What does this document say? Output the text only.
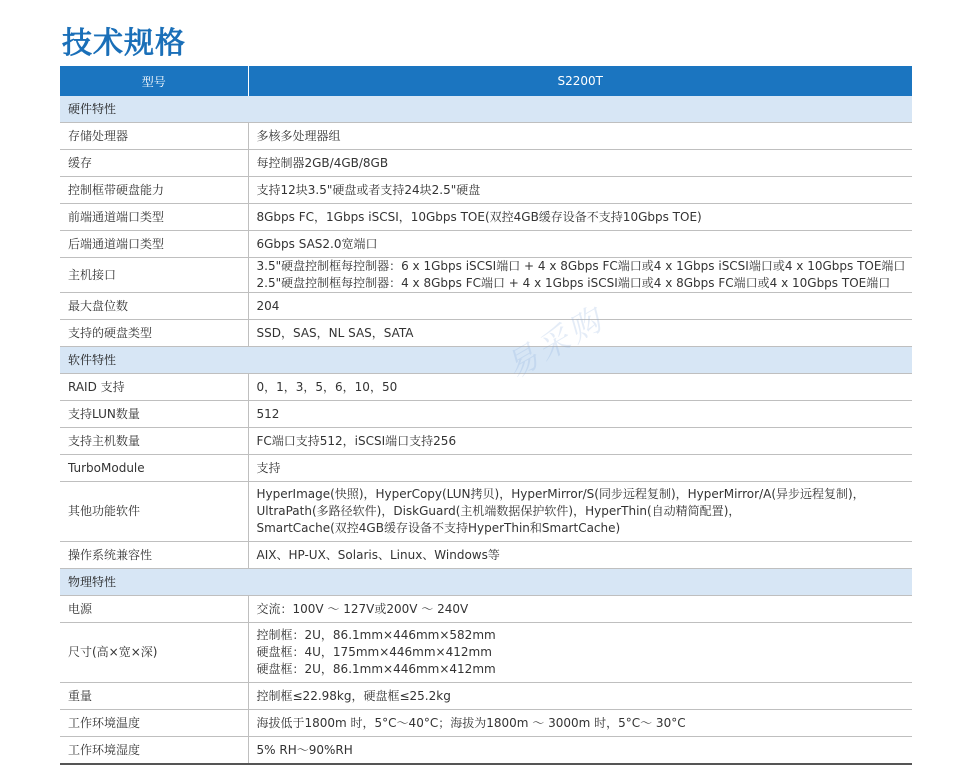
技术规格
型号	S2200T
硬件特性	
存储处理器	多核多处理器组

缓存	每控制器2GB/4GB/8GB

控制框带硬盘能力	支持12块3.5"硬盘或者支持24块2.5"硬盘

前端通道端口类型	8Gbps FC，1Gbps iSCSI，10Gbps TOE(双控4GB缓存设备不支持10Gbps TOE)

后端通道端口类型	6Gbps SAS2.0宽端口

主机接口	3.5"硬盘控制框每控制器：6 x 1Gbps iSCSI端口 + 4 x 8Gbps FC端口或4 x 1Gbps iSCSI端口或4 x 10Gbps TOE端口
2.5"硬盘控制框每控制器：4 x 8Gbps FC端口 + 4 x 1Gbps iSCSI端口或4 x 8Gbps FC端口或4 x 10Gbps TOE端口

最大盘位数	204

支持的硬盘类型	SSD，SAS，NL SAS，SATA

软件特性	
RAID 支持	0，1，3，5，6，10，50

支持LUN数量	512

支持主机数量	FC端口支持512，iSCSI端口支持256

TurboModule	支持

其他功能软件	HyperImage(快照)，HyperCopy(LUN拷贝)，HyperMirror/S(同步远程复制)，HyperMirror/A(异步远程复制)，
UltraPath(多路径软件)，DiskGuard(主机端数据保护软件)，HyperThin(自动精简配置)，
SmartCache(双控4GB缓存设备不支持HyperThin和SmartCache)

操作系统兼容性	AIX、HP-UX、Solaris、Linux、Windows等

物理特性	
电源	交流：100V ～ 127V或200V ～ 240V

尺寸(高×宽×深)	控制框：2U，86.1mm×446mm×582mm
硬盘框：4U，175mm×446mm×412mm
硬盘框：2U，86.1mm×446mm×412mm

重量	控制框≤22.98kg，硬盘框≤25.2kg

工作环境温度	海拔低于1800m 时，5°C～40°C；海拔为1800m ～ 3000m 时，5°C～ 30°C

工作环境湿度	5% RH～90%RH
易采购
